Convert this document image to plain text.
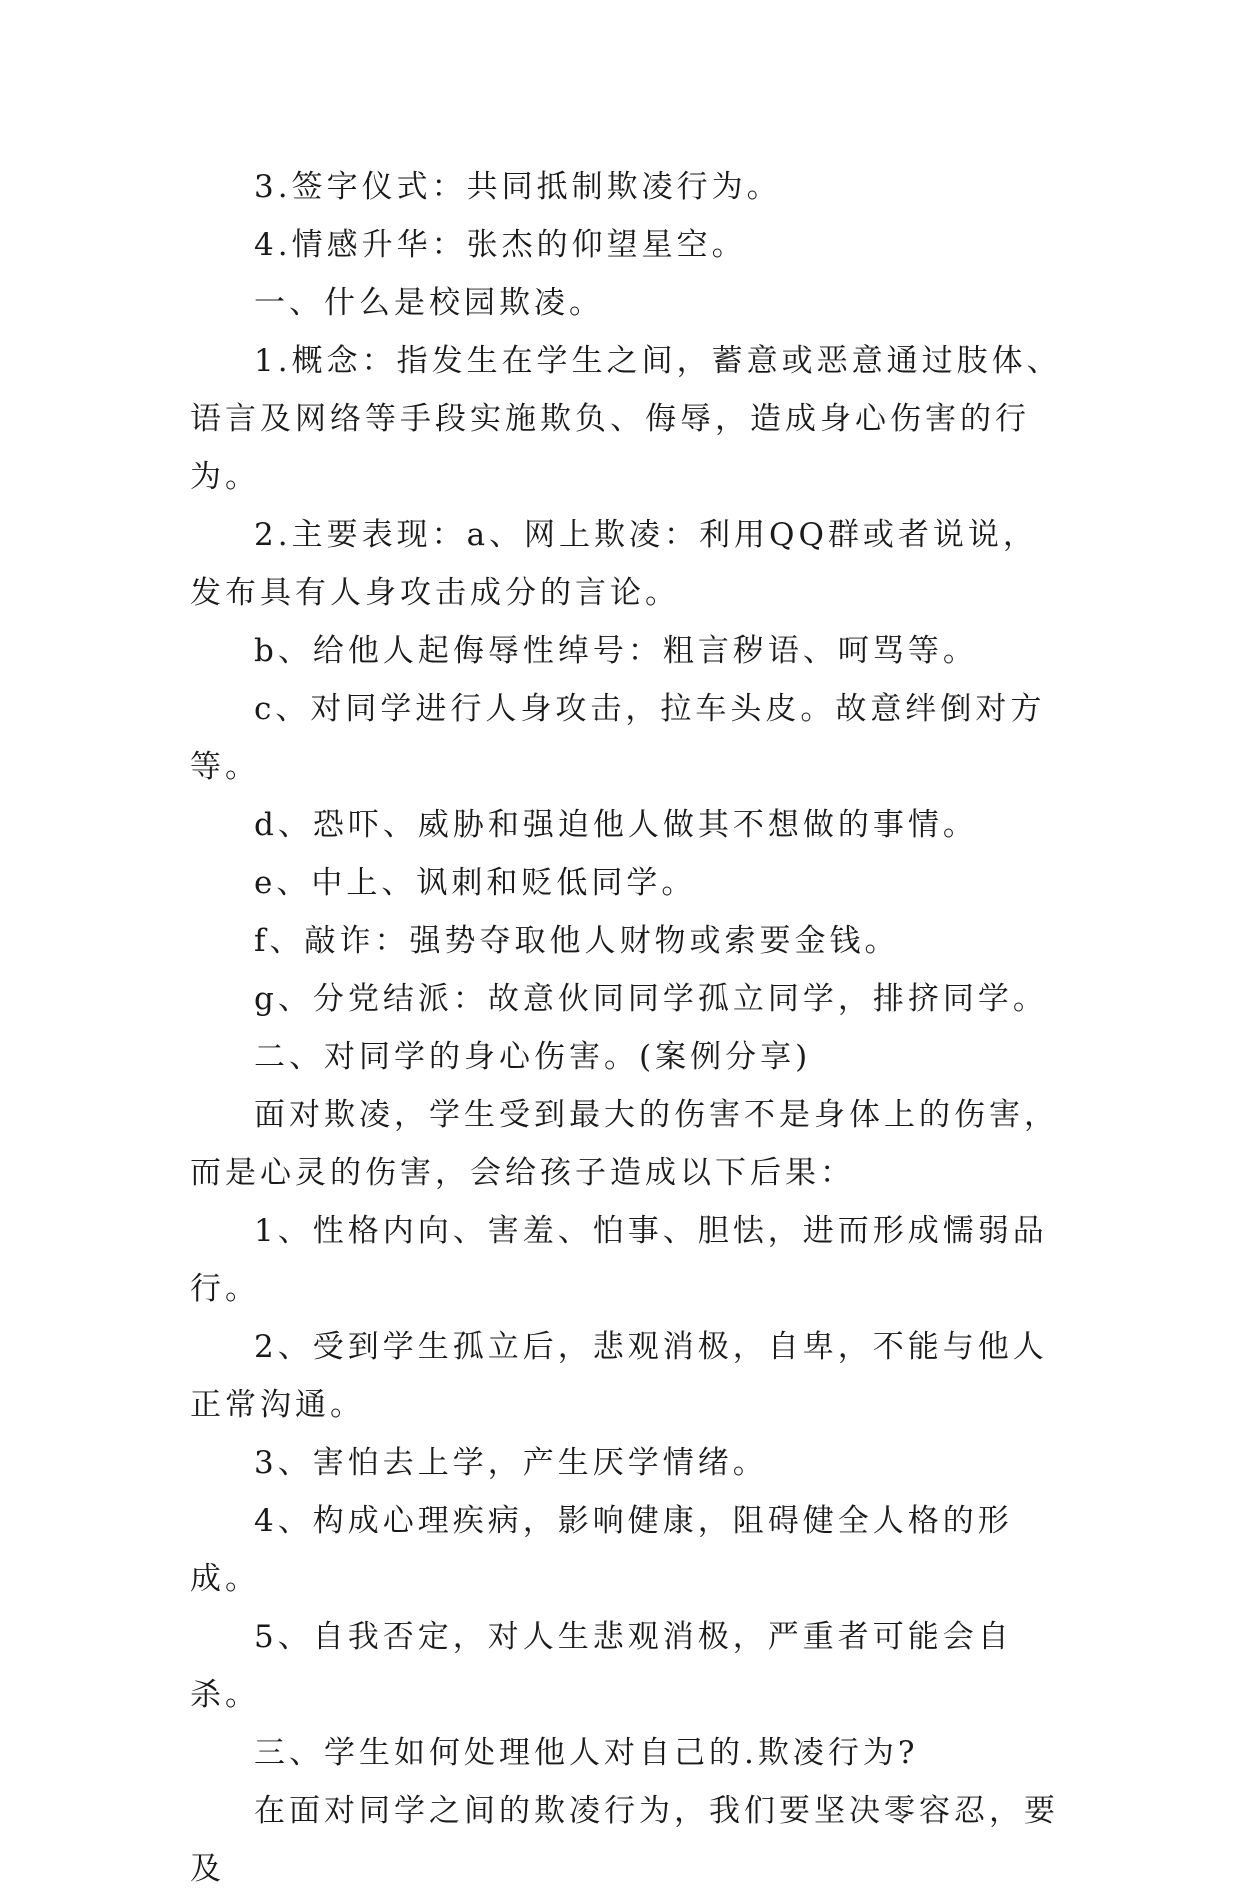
3.签字仪式：共同抵制欺凌行为。

4.情感升华：张杰的仰望星空。

一、什么是校园欺凌。

1.概念：指发生在学生之间，蓄意或恶意通过肢体、语言及网络等手段实施欺负、侮辱，造成身心伤害的行为。

2.主要表现：a、网上欺凌：利用QQ群或者说说，发布具有人身攻击成分的言论。

b、给他人起侮辱性绰号：粗言秽语、呵骂等。

c、对同学进行人身攻击，拉车头皮。故意绊倒对方等。

d、恐吓、威胁和强迫他人做其不想做的事情。

e、中上、讽刺和贬低同学。

f、敲诈：强势夺取他人财物或索要金钱。

g、分党结派：故意伙同同学孤立同学，排挤同学。

二、对同学的身心伤害。(案例分享)

面对欺凌，学生受到最大的伤害不是身体上的伤害，而是心灵的伤害，会给孩子造成以下后果：

1、性格内向、害羞、怕事、胆怯，进而形成懦弱品行。

2、受到学生孤立后，悲观消极，自卑，不能与他人正常沟通。

3、害怕去上学，产生厌学情绪。

4、构成心理疾病，影响健康，阻碍健全人格的形成。

5、自我否定，对人生悲观消极，严重者可能会自杀。

三、学生如何处理他人对自己的.欺凌行为?

在面对同学之间的欺凌行为，我们要坚决零容忍，要及
